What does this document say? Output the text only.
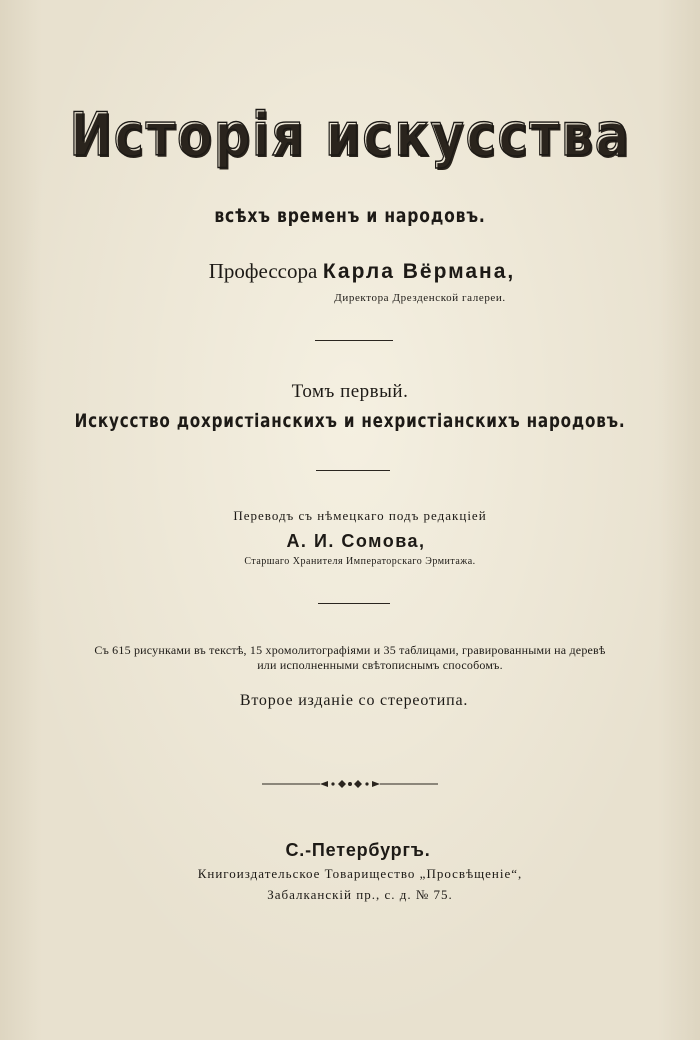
Исторія искусства
всѣхъ временъ и народовъ.
Профессора Карла Вёрмана,
Директора Дрезденской галереи.
Томъ первый.
Искусство дохристіанскихъ и нехристіанскихъ народовъ.
Переводъ съ нѣмецкаго подъ редакціей
А. И. Сомова,
Старшаго Хранителя Императорскаго Эрмитажа.
Съ 615 рисунками въ текстѣ, 15 хромолитографіями и 35 таблицами, гравированными на деревѣ
или исполненными свѣтописнымъ способомъ.
Второе изданіе со стереотипа.
С.-Петербургъ.
Книгоиздательское Товарищество „Просвѣщеніе“,
Забалканскій пр., с. д. № 75.
